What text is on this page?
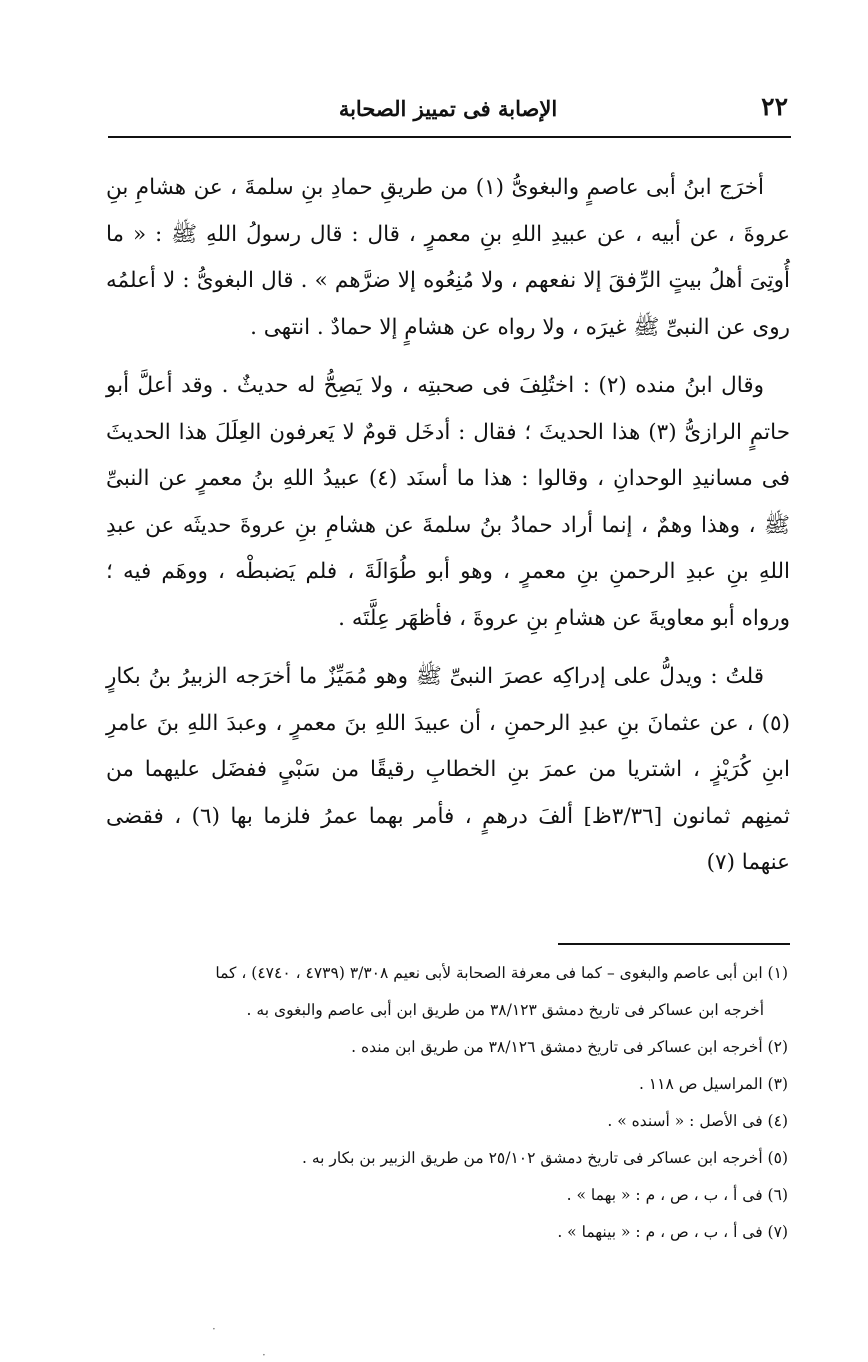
٢٢
الإصابة فى تمييز الصحابة

أخرَج ابنُ أبى عاصمٍ والبغوىُّ (١) من طريقِ حمادِ بنِ سلمةَ ، عن هشامِ بنِ عروةَ ، عن أبيه ، عن عبيدِ اللهِ بنِ معمرٍ ، قال : قال رسولُ اللهِ ﷺ : « ما أُوتِىَ أهلُ بيتٍ الرِّفقَ إلا نفعهم ، ولا مُنِعُوه إلا ضرَّهم » . قال البغوىُّ : لا أعلمُه روى عن النبىِّ ﷺ غيرَه ، ولا رواه عن هشامٍ إلا حمادٌ . انتهى .

وقال ابنُ منده (٢) : اختُلِفَ فى صحبتِه ، ولا يَصِحُّ له حديثٌ . وقد أعلَّ أبو حاتمٍ الرازىُّ (٣) هذا الحديثَ ؛ فقال : أدخَل قومٌ لا يَعرفون العِلَلَ هذا الحديثَ فى مسانيدِ الوحدانِ ، وقالوا : هذا ما أسنَد (٤) عبيدُ اللهِ بنُ معمرٍ عن النبىِّ ﷺ ، وهذا وهمٌ ، إنما أراد حمادُ بنُ سلمةَ عن هشامِ بنِ عروةَ حديثَه عن عبدِ اللهِ بنِ عبدِ الرحمنِ بنِ معمرٍ ، وهو أبو طُوَالَةَ ، فلم يَضبطْه ، ووهَم فيه ؛ ورواه أبو معاويةَ عن هشامِ بنِ عروةَ ، فأظهَر عِلَّتَه .

قلتُ : ويدلُّ على إدراكِه عصرَ النبىِّ ﷺ وهو مُمَيِّزٌ ما أخرَجه الزبيرُ بنُ بكارٍ (٥) ، عن عثمانَ بنِ عبدِ الرحمنِ ، أن عبيدَ اللهِ بنَ معمرٍ ، وعبدَ اللهِ بنَ عامرِ ابنِ كُرَيْزٍ ، اشتريا من عمرَ بنِ الخطابِ رقيقًا من سَبْىٍ ففضَل عليهما من ثمنِهم ثمانون [٣/٣٦ظ] ألفَ درهمٍ ، فأمر بهما عمرُ فلزما بها (٦) ، فقضى عنهما (٧)

(١) ابن أبى عاصم والبغوى – كما فى معرفة الصحابة لأبى نعيم ٣/٣٠٨ (٤٧٣٩ ، ٤٧٤٠) ، كما

أخرجه ابن عساكر فى تاريخ دمشق ٣٨/١٢٣ من طريق ابن أبى عاصم والبغوى به .

(٢) أخرجه ابن عساكر فى تاريخ دمشق ٣٨/١٢٦ من طريق ابن منده .

(٣) المراسيل ص ١١٨ .

(٤) فى الأصل : « أسنده » .

(٥) أخرجه ابن عساكر فى تاريخ دمشق ٢٥/١٠٢ من طريق الزبير بن بكار به .

(٦) فى أ ، ب ، ص ، م : « بهما » .

(٧) فى أ ، ب ، ص ، م : « بينهما » .

·
·
